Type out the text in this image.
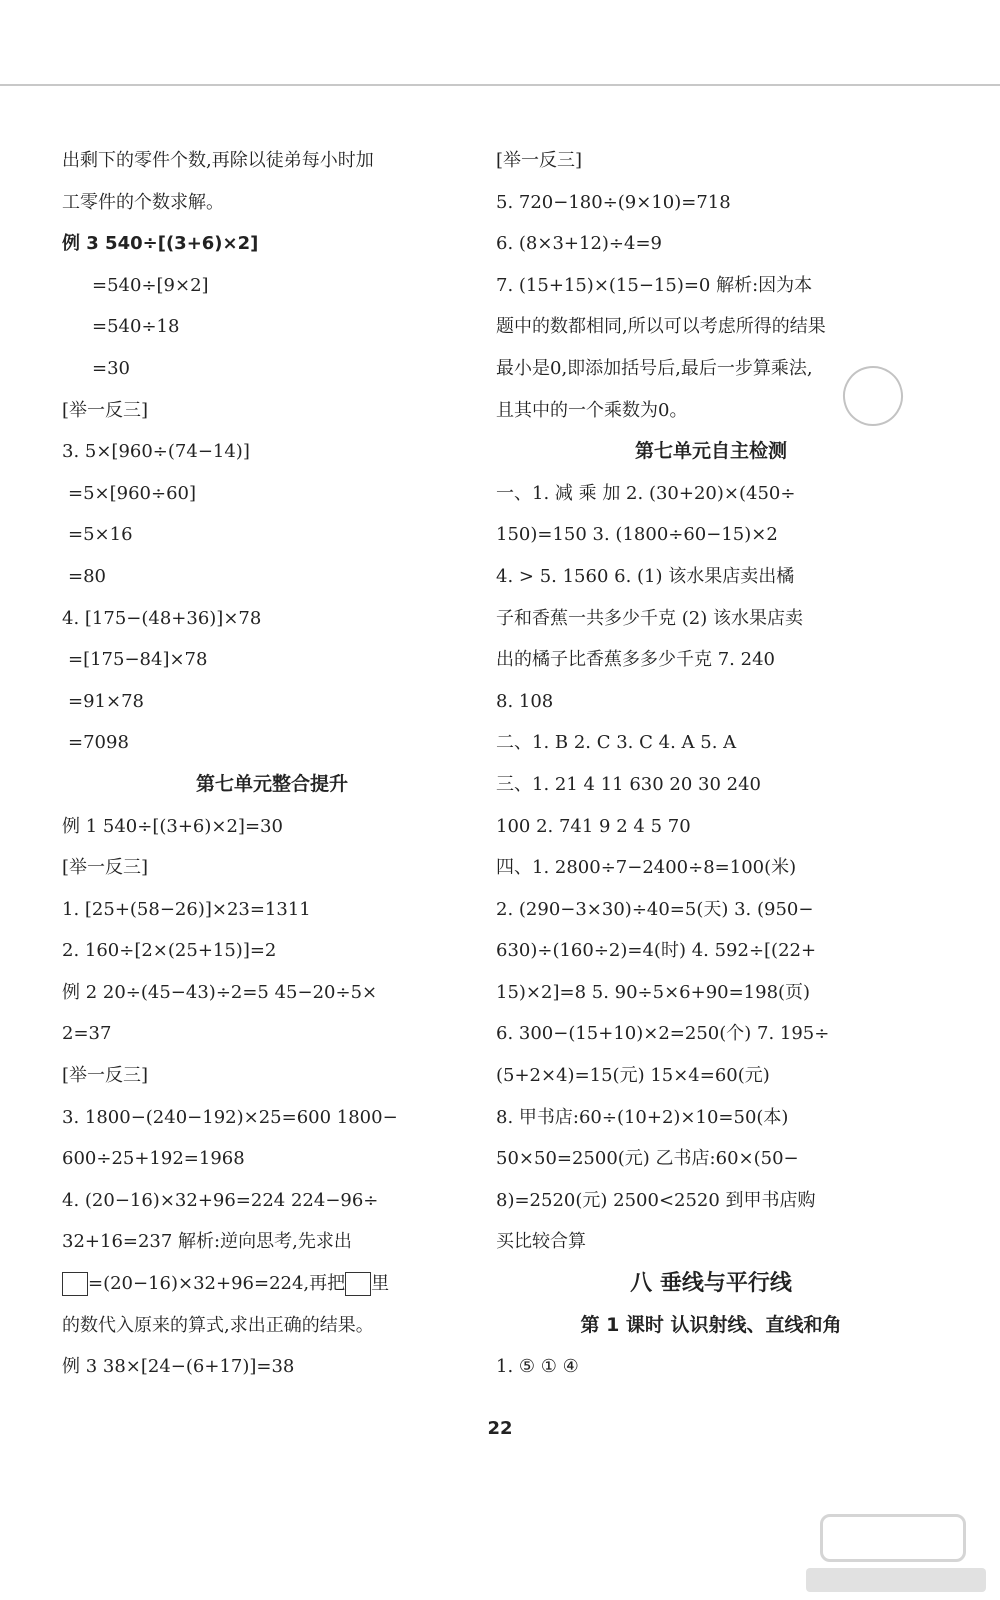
出剩下的零件个数,再除以徒弟每小时加
工零件的个数求解。
例 3 540÷[(3+6)×2]
=540÷[9×2]
=540÷18
=30
[举一反三]
3. 5×[960÷(74−14)]
=5×[960÷60]
=5×16
=80
4. [175−(48+36)]×78
=[175−84]×78
=91×78
=7098
第七单元整合提升
例 1 540÷[(3+6)×2]=30
[举一反三]
1. [25+(58−26)]×23=1311
2. 160÷[2×(25+15)]=2
例 2 20÷(45−43)÷2=5 45−20÷5×
2=37
[举一反三]
3. 1800−(240−192)×25=600 1800−
600÷25+192=1968
4. (20−16)×32+96=224 224−96÷
32+16=237 解析:逆向思考,先求出
=(20−16)×32+96=224,再把 里
的数代入原来的算式,求出正确的结果。
例 3 38×[24−(6+17)]=38
[举一反三]
5. 720−180÷(9×10)=718
6. (8×3+12)÷4=9
7. (15+15)×(15−15)=0 解析:因为本
题中的数都相同,所以可以考虑所得的结果
最小是0,即添加括号后,最后一步算乘法,
且其中的一个乘数为0。
第七单元自主检测
一、1. 减 乘 加 2. (30+20)×(450÷
150)=150 3. (1800÷60−15)×2
4. > 5. 1560 6. (1) 该水果店卖出橘
子和香蕉一共多少千克 (2) 该水果店卖
出的橘子比香蕉多多少千克 7. 240
8. 108
二、1. B 2. C 3. C 4. A 5. A
三、1. 21 4 11 630 20 30 240
100 2. 741 9 2 4 5 70
四、1. 2800÷7−2400÷8=100(米)
2. (290−3×30)÷40=5(天) 3. (950−
630)÷(160÷2)=4(时) 4. 592÷[(22+
15)×2]=8 5. 90÷5×6+90=198(页)
6. 300−(15+10)×2=250(个) 7. 195÷
(5+2×4)=15(元) 15×4=60(元)
8. 甲书店:60÷(10+2)×10=50(本)
50×50=2500(元) 乙书店:60×(50−
8)=2520(元) 2500<2520 到甲书店购
买比较合算
八 垂线与平行线
第 1 课时 认识射线、直线和角
1. ⑤ ① ④
22
